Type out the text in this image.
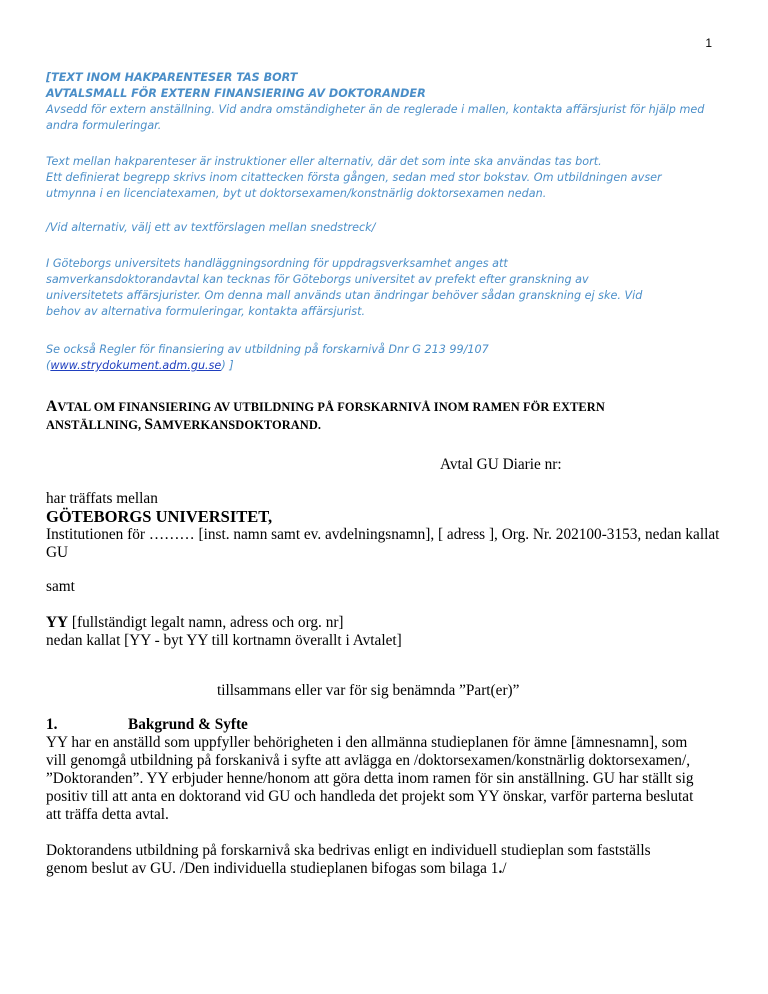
1
[TEXT INOM HAKPARENTESER TAS BORT
AVTALSMALL FÖR EXTERN FINANSIERING AV DOKTORANDER
Avsedd för extern anställning. Vid andra omständigheter än de reglerade i mallen, kontakta affärsjurist för hjälp med andra formuleringar.
Text mellan hakparenteser är instruktioner eller alternativ, där det som inte ska användas tas bort.
Ett definierat begrepp skrivs inom citattecken första gången, sedan med stor bokstav. Om utbildningen avser
utmynna i en licenciatexamen, byt ut doktorsexamen/konstnärlig doktorsexamen nedan.
/Vid alternativ, välj ett av textförslagen mellan snedstreck/
I Göteborgs universitets handläggningsordning för uppdragsverksamhet anges att
samverkansdoktorandavtal kan tecknas för Göteborgs universitet av prefekt efter granskning av
universitetets affärsjurister. Om denna mall används utan ändringar behöver sådan granskning ej ske. Vid
behov av alternativa formuleringar, kontakta affärsjurist.
Se också Regler för finansiering av utbildning på forskarnivå Dnr G 213 99/107
(www.strydokument.adm.gu.se) ]
AVTAL OM FINANSIERING AV UTBILDNING PÅ FORSKARNIVÅ INOM RAMEN FÖR EXTERN
ANSTÄLLNING, SAMVERKANSDOKTORAND.
Avtal GU Diarie nr:
har träffats mellan
GÖTEBORGS UNIVERSITET,
Institutionen för ……… [inst. namn samt ev. avdelningsnamn], [ adress ], Org. Nr. 202100-3153, nedan kallat GU
samt
YY [fullständigt legalt namn, adress och org. nr]
nedan kallat [YY - byt YY till kortnamn överallt i Avtalet]
tillsammans eller var för sig benämnda ”Part(er)”
1.	Bakgrund & Syfte
YY har en anställd som uppfyller behörigheten i den allmänna studieplanen för ämne [ämnesnamn], som
vill genomgå utbildning på forskanivå i syfte att avlägga en /doktorsexamen/konstnärlig doktorsexamen/,
”Doktoranden”. YY erbjuder henne/honom att göra detta inom ramen för sin anställning. GU har ställt sig
positiv till att anta en doktorand vid GU och handleda det projekt som YY önskar, varför parterna beslutat
att träffa detta avtal.
Doktorandens utbildning på forskarnivå ska bedrivas enligt en individuell studieplan som fastställs
genom beslut av GU. /Den individuella studieplanen bifogas som bilaga 1./
